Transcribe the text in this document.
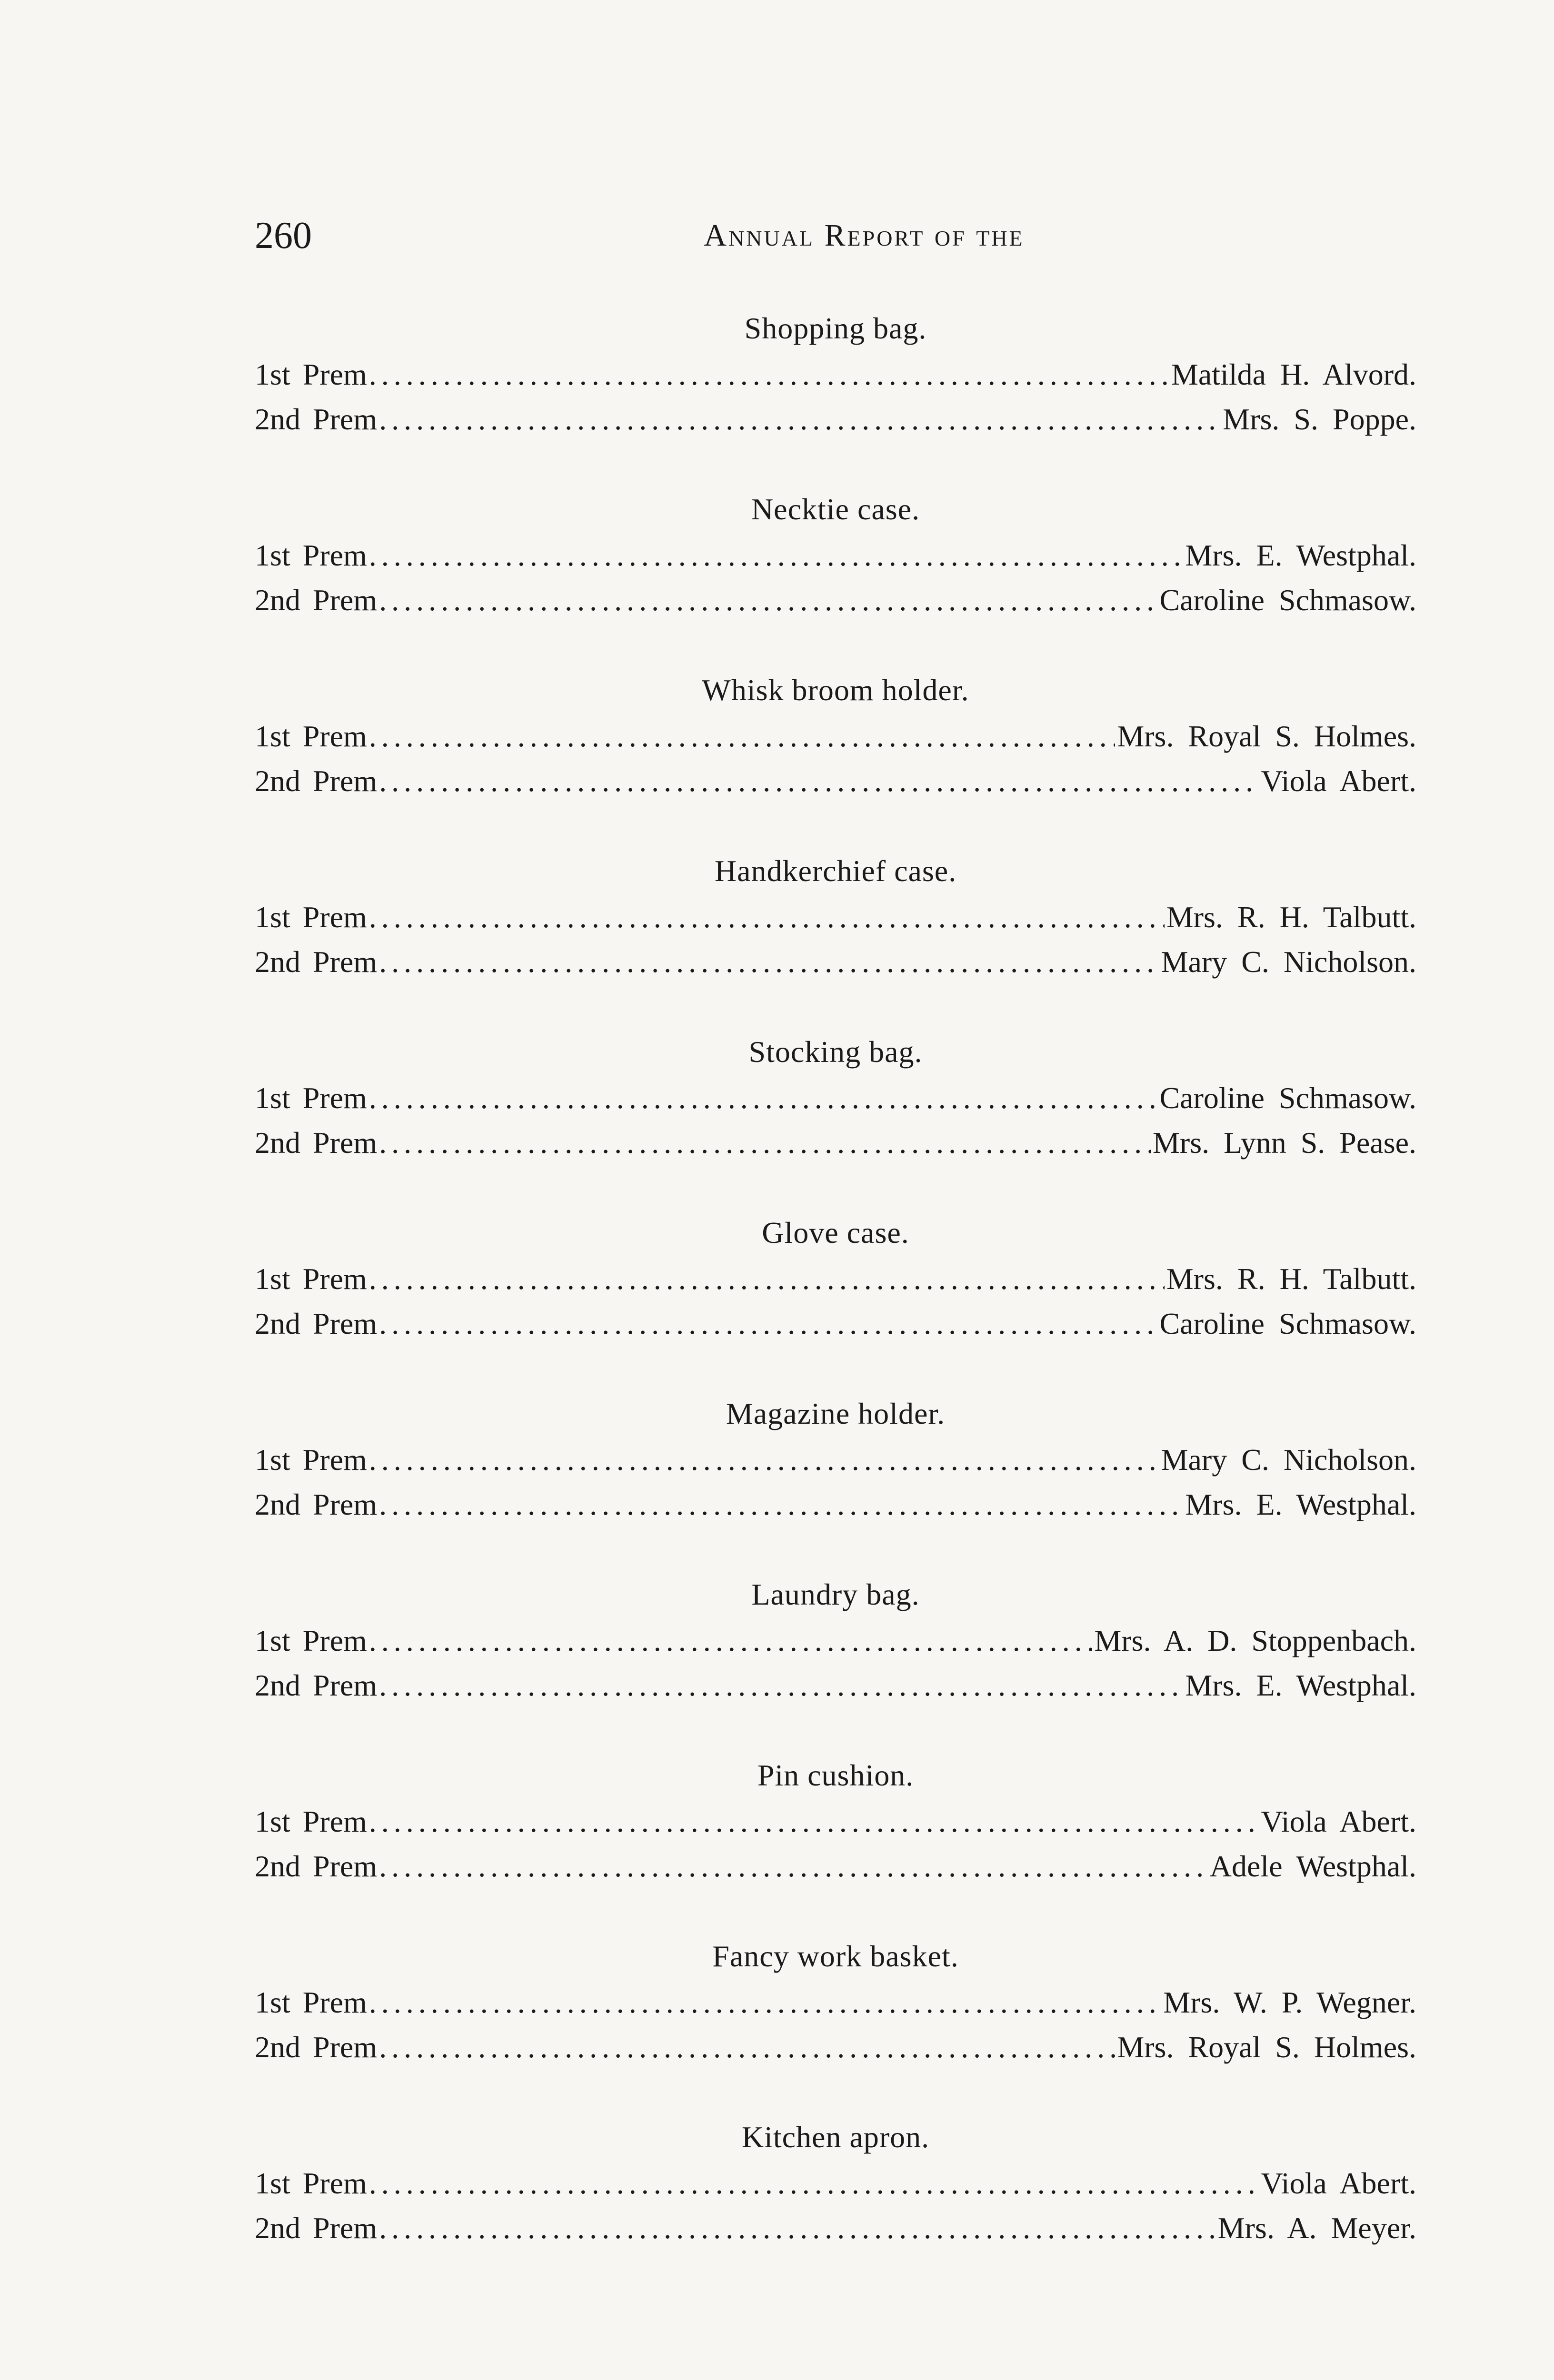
260	Annual Report of the
Shopping bag.
1st Prem .....	Matilda H. Alvord.
2nd Prem .....	Mrs. S. Poppe.
Necktie case.
1st Prem .....	Mrs. E. Westphal.
2nd Prem .....	Caroline Schmasow.
Whisk broom holder.
1st Prem .....	Mrs. Royal S. Holmes.
2nd Prem .....	Viola Abert.
Handkerchief case.
1st Prem .....	Mrs. R. H. Talbutt.
2nd Prem .....	Mary C. Nicholson.
Stocking bag.
1st Prem .....	Caroline Schmasow.
2nd Prem .....	Mrs. Lynn S. Pease.
Glove case.
1st Prem .....	Mrs. R. H. Talbutt.
2nd Prem .....	Caroline Schmasow.
Magazine holder.
1st Prem .....	Mary C. Nicholson.
2nd Prem .....	Mrs. E. Westphal.
Laundry bag.
1st Prem .....	Mrs. A. D. Stoppenbach.
2nd Prem .....	Mrs. E. Westphal.
Pin cushion.
1st Prem .....	Viola Abert.
2nd Prem .....	Adele Westphal.
Fancy work basket.
1st Prem .....	Mrs. W. P. Wegner.
2nd Prem .....	Mrs. Royal S. Holmes.
Kitchen apron.
1st Prem .....	Viola Abert.
2nd Prem .....	Mrs. A. Meyer.
